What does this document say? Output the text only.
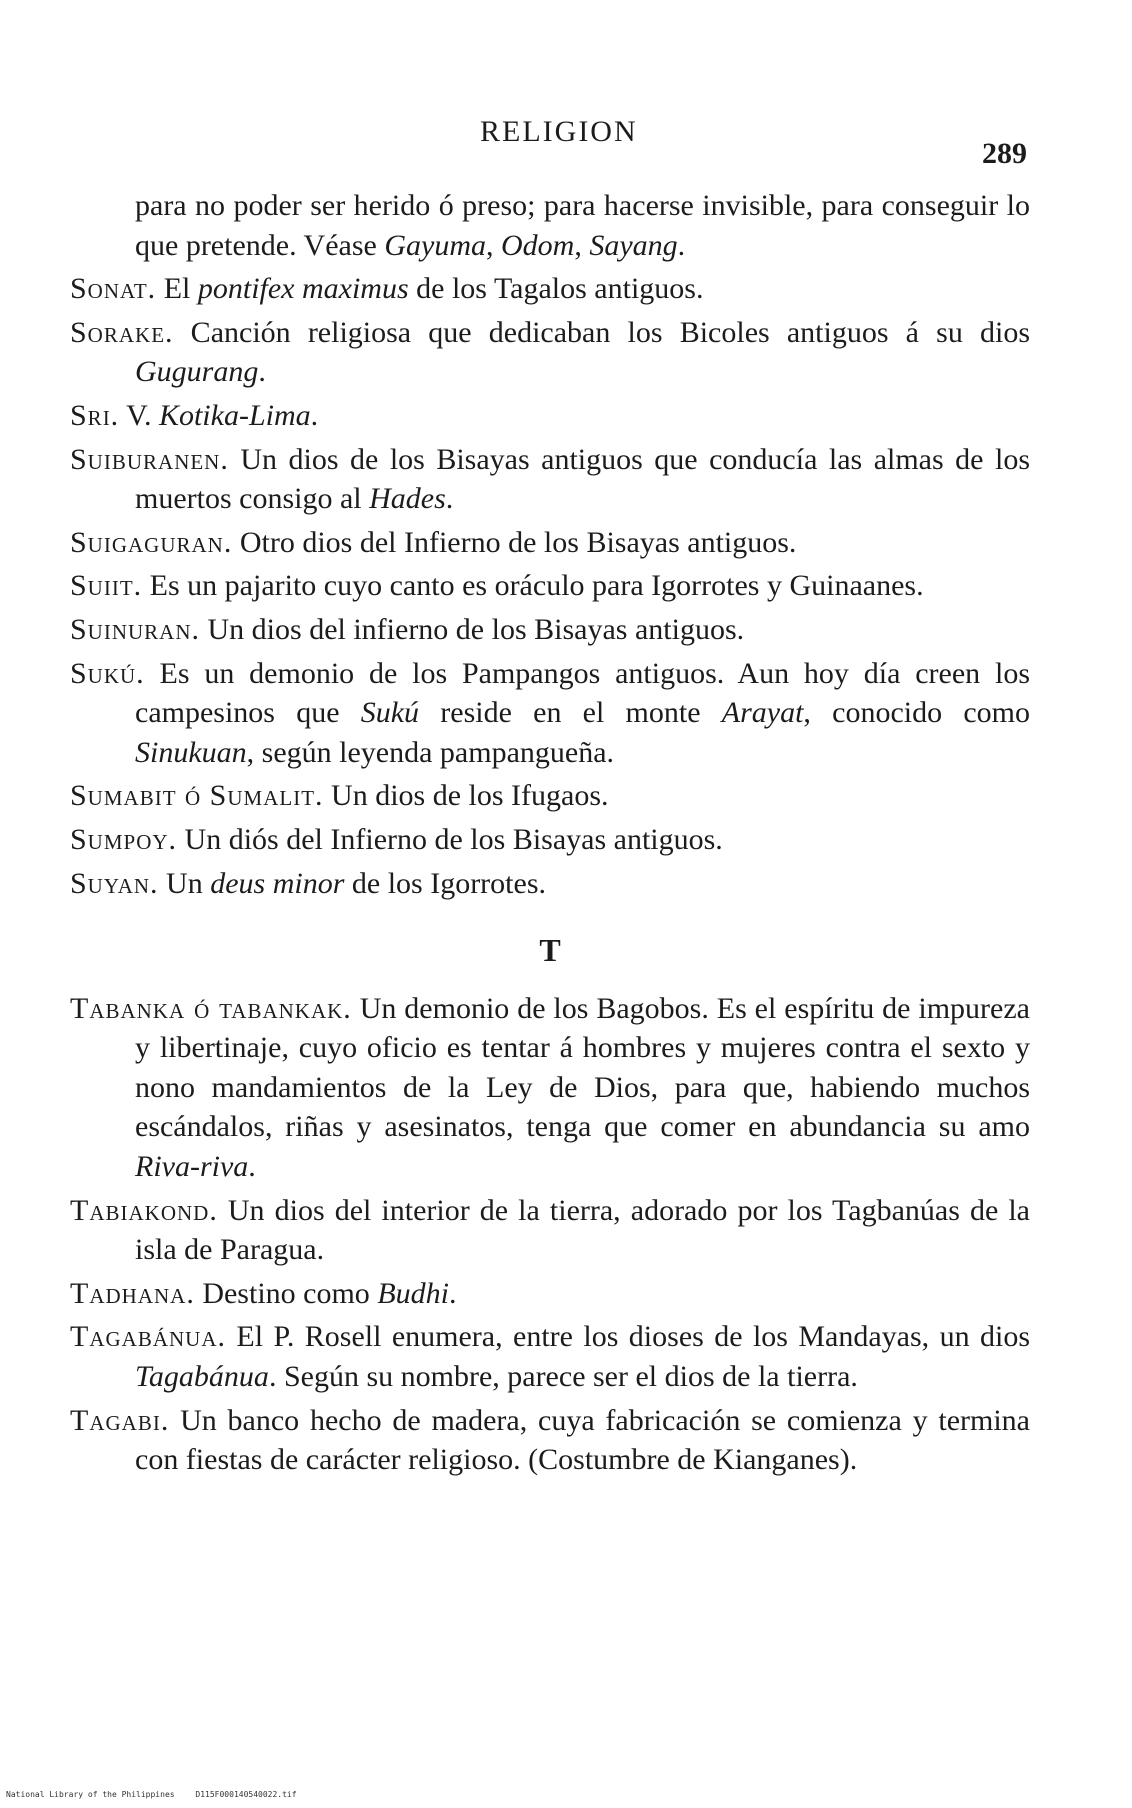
RELIGION
289

para no poder ser herido ó preso; para hacerse invisible, para conseguir lo que pretende. Véase Gayuma, Odom, Sayang.

Sonat. El pontifex maximus de los Tagalos antiguos.

Sorake. Canción religiosa que dedicaban los Bicoles antiguos á su dios Gugurang.

Sri. V. Kotika-Lima.

Suiburanen. Un dios de los Bisayas antiguos que conducía las almas de los muertos consigo al Hades.

Suigaguran. Otro dios del Infierno de los Bisayas antiguos.

Suiit. Es un pajarito cuyo canto es oráculo para Igorrotes y Guinaanes.

Suinuran. Un dios del infierno de los Bisayas antiguos.

Sukú. Es un demonio de los Pampangos antiguos. Aun hoy día creen los campesinos que Sukú reside en el monte Arayat, conocido como Sinukuan, según leyenda pampangueña.

Sumabit ó Sumalit. Un dios de los Ifugaos.

Sumpoy. Un diós del Infierno de los Bisayas antiguos.

Suyan. Un deus minor de los Igorrotes.

T

Tabanka ó tabankak. Un demonio de los Bagobos. Es el espíritu de impureza y libertinaje, cuyo oficio es tentar á hombres y mujeres contra el sexto y nono mandamientos de la Ley de Dios, para que, habiendo muchos escándalos, riñas y asesinatos, tenga que comer en abundancia su amo Riva-riva.

Tabiakond. Un dios del interior de la tierra, adorado por los Tagbanúas de la isla de Paragua.

Tadhana. Destino como Budhi.

Tagabánua. El P. Rosell enumera, entre los dioses de los Mandayas, un dios Tagabánua. Según su nombre, parece ser el dios de la tierra.

Tagabi. Un banco hecho de madera, cuya fabricación se comienza y termina con fiestas de carácter religioso. (Costumbre de Kianganes).

National Library of the Philippines	D115F000140540022.tif
